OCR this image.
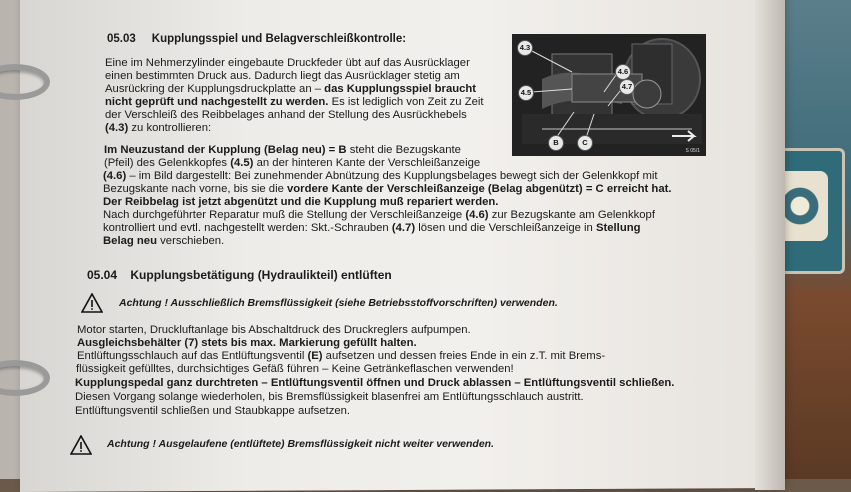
05.03 Kupplungsspiel und Belagverschleißkontrolle:
Eine im Nehmerzylinder eingebaute Druckfeder übt auf das Ausrücklager
einen bestimmten Druck aus. Dadurch liegt das Ausrücklager stetig am
Ausrückring der Kupplungsdruckplatte an – das Kupplungsspiel braucht
nicht geprüft und nachgestellt zu werden. Es ist lediglich von Zeit zu Zeit
der Verschleiß des Reibbelages anhand der Stellung des Ausrückhebels
(4.3) zu kontrollieren:
Im Neuzustand der Kupplung (Belag neu) = B steht die Bezugskante
(Pfeil) des Gelenkkopfes (4.5) an der hinteren Kante der Verschleißanzeige
(4.6) – im Bild dargestellt: Bei zunehmender Abnützung des Kupplungsbelages bewegt sich der Gelenkkopf mit
Bezugskante nach vorne, bis sie die vordere Kante der Verschleißanzeige (Belag abgenützt) = C erreicht hat.
Der Reibbelag ist jetzt abgenützt und die Kupplung muß repariert werden.
Nach durchgeführter Reparatur muß die Stellung der Verschleißanzeige (4.6) zur Bezugskante am Gelenkkopf
kontrolliert und evtl. nachgestellt werden: Skt.-Schrauben (4.7) lösen und die Verschleißanzeige in Stellung
Belag neu verschieben.
05.04 Kupplungsbetätigung (Hydraulikteil) entlüften
Achtung ! Ausschließlich Bremsflüssigkeit (siehe Betriebsstoffvorschriften) verwenden.
Motor starten, Druckluftanlage bis Abschaltdruck des Druckreglers aufpumpen.
Ausgleichsbehälter (7) stets bis max. Markierung gefüllt halten.
Entlüftungsschlauch auf das Entlüftungsventil (E) aufsetzen und dessen freies Ende in ein z.T. mit Brems-
flüssigkeit gefülltes, durchsichtiges Gefäß führen – Keine Getränkeflaschen verwenden!
Kupplungspedal ganz durchtreten – Entlüftungsventil öffnen und Druck ablassen – Entlüftungsventil schließen.
Diesen Vorgang solange wiederholen, bis Bremsflüssigkeit blasenfrei am Entlüftungsschlauch austritt.
Entlüftungsventil schließen und Staubkappe aufsetzen.
Achtung ! Ausgelaufene (entlüftete) Bremsflüssigkeit nicht weiter verwenden.
4.3
4.6
4.7
4.5
B	C
S 05/1
